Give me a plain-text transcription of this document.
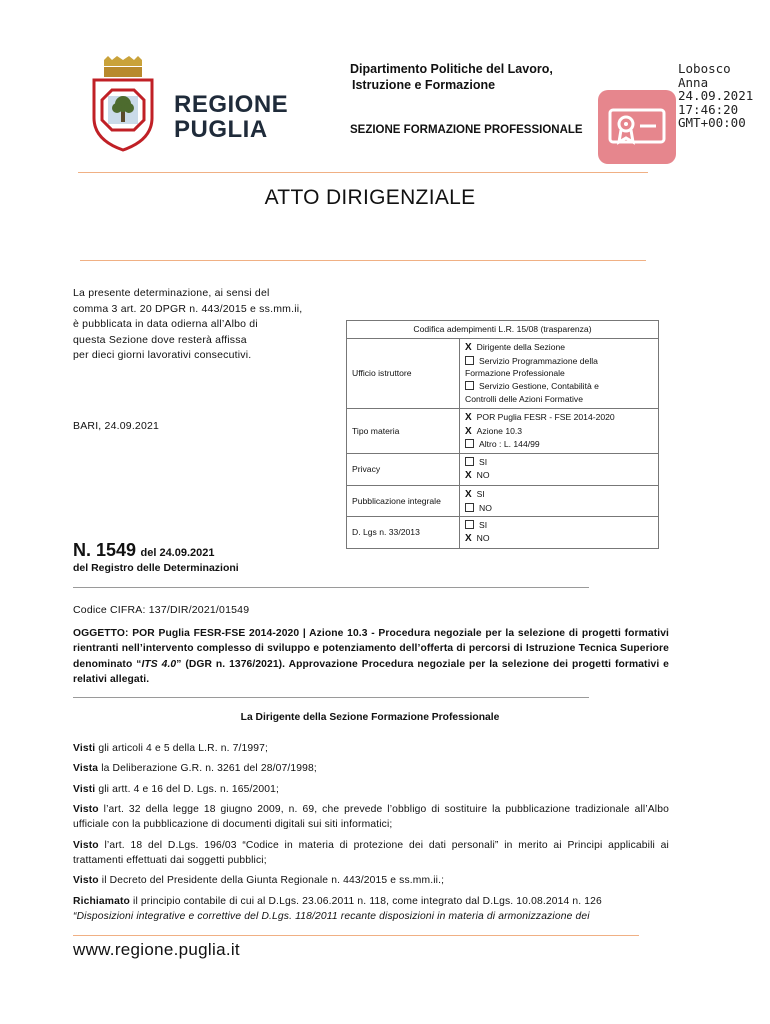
REGIONE
PUGLIA
Dipartimento Politiche del Lavoro,
Istruzione e Formazione
SEZIONE FORMAZIONE PROFESSIONALE
Lobosco
Anna
24.09.2021
17:46:20
GMT+00:00
ATTO DIRIGENZIALE
La presente determinazione, ai sensi del
comma 3 art. 20 DPGR n. 443/2015 e ss.mm.ii,
è pubblicata in data odierna all’Albo di
questa Sezione dove resterà affissa
per dieci giorni lavorativi consecutivi.
BARI, 24.09.2021
Codifica adempimenti L.R. 15/08 (trasparenza)	
Ufficio istruttore	X Dirigente della Sezione
Servizio Programmazione della
Formazione Professionale
Servizio Gestione, Contabilità e
Controlli delle Azioni Formative

Tipo materia	X POR Puglia FESR - FSE 2014-2020
X Azione 10.3
Altro : L. 144/99

Privacy	SI
X NO

Pubblicazione integrale	X SI
NO

D. Lgs n. 33/2013	SI
X NO
N. 1549 del 24.09.2021
del Registro delle Determinazioni
Codice CIFRA: 137/DIR/2021/01549
OGGETTO: POR Puglia FESR-FSE 2014-2020 | Azione 10.3 - Procedura negoziale per la selezione di progetti formativi rientranti nell’intervento complesso di sviluppo e potenziamento dell’offerta di percorsi di Istruzione Tecnica Superiore denominato “ITS 4.0” (DGR n. 1376/2021). Approvazione Procedura negoziale per la selezione dei progetti formativi e relativi allegati.
La Dirigente della Sezione Formazione Professionale

Visti gli articoli 4 e 5 della L.R. n. 7/1997;

Vista la Deliberazione G.R. n. 3261 del 28/07/1998;

Visti gli artt. 4 e 16 del D. Lgs. n. 165/2001;

Visto l’art. 32 della legge 18 giugno 2009, n. 69, che prevede l’obbligo di sostituire la pubblicazione tradizionale all’Albo ufficiale con la pubblicazione di documenti digitali sui siti informatici;

Visto l’art. 18 del D.Lgs. 196/03 “Codice in materia di protezione dei dati personali” in merito ai Principi applicabili ai trattamenti effettuati dai soggetti pubblici;

Visto il Decreto del Presidente della Giunta Regionale n. 443/2015 e ss.mm.ii.;

Richiamato il principio contabile di cui al D.Lgs. 23.06.2011 n. 118, come integrato dal D.Lgs. 10.08.2014 n. 126
“Disposizioni integrative e correttive del D.Lgs. 118/2011 recante disposizioni in materia di armonizzazione dei

www.regione.puglia.it
